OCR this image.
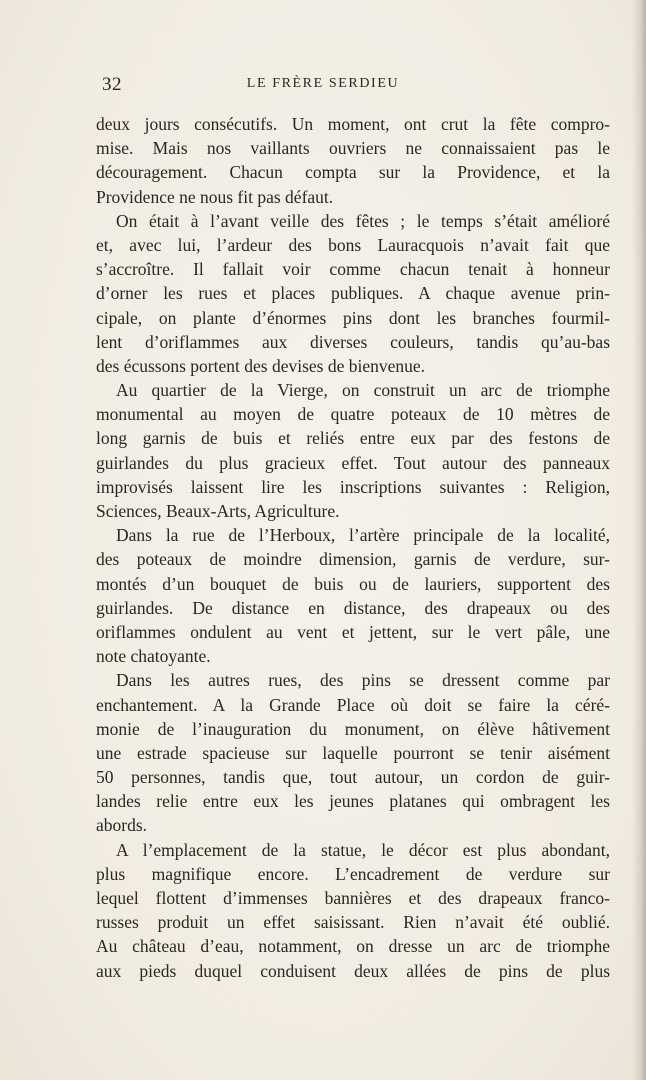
32	LE FRÈRE SERDIEU
deux jours consécutifs. Un moment, ont crut la fête compro-
mise. Mais nos vaillants ouvriers ne connaissaient pas le
découragement. Chacun compta sur la Providence, et la
Providence ne nous fit pas défaut.
On était à l’avant veille des fêtes ; le temps s’était amélioré
et, avec lui, l’ardeur des bons Lauracquois n’avait fait que
s’accroître. Il fallait voir comme chacun tenait à honneur
d’orner les rues et places publiques. A chaque avenue prin-
cipale, on plante d’énormes pins dont les branches fourmil-
lent d’oriflammes aux diverses couleurs, tandis qu’au-bas
des écussons portent des devises de bienvenue.
Au quartier de la Vierge, on construit un arc de triomphe
monumental au moyen de quatre poteaux de 10 mètres de
long garnis de buis et reliés entre eux par des festons de
guirlandes du plus gracieux effet. Tout autour des panneaux
improvisés laissent lire les inscriptions suivantes : Religion,
Sciences, Beaux-Arts, Agriculture.
Dans la rue de l’Herboux, l’artère principale de la localité,
des poteaux de moindre dimension, garnis de verdure, sur-
montés d’un bouquet de buis ou de lauriers, supportent des
guirlandes. De distance en distance, des drapeaux ou des
oriflammes ondulent au vent et jettent, sur le vert pâle, une
note chatoyante.
Dans les autres rues, des pins se dressent comme par
enchantement. A la Grande Place où doit se faire la céré-
monie de l’inauguration du monument, on élève hâtivement
une estrade spacieuse sur laquelle pourront se tenir aisément
50 personnes, tandis que, tout autour, un cordon de guir-
landes relie entre eux les jeunes platanes qui ombragent les
abords.
A l’emplacement de la statue, le décor est plus abondant,
plus magnifique encore. L’encadrement de verdure sur
lequel flottent d’immenses bannières et des drapeaux franco-
russes produit un effet saisissant. Rien n’avait été oublié.
Au château d’eau, notamment, on dresse un arc de triomphe
aux pieds duquel conduisent deux allées de pins de plus
